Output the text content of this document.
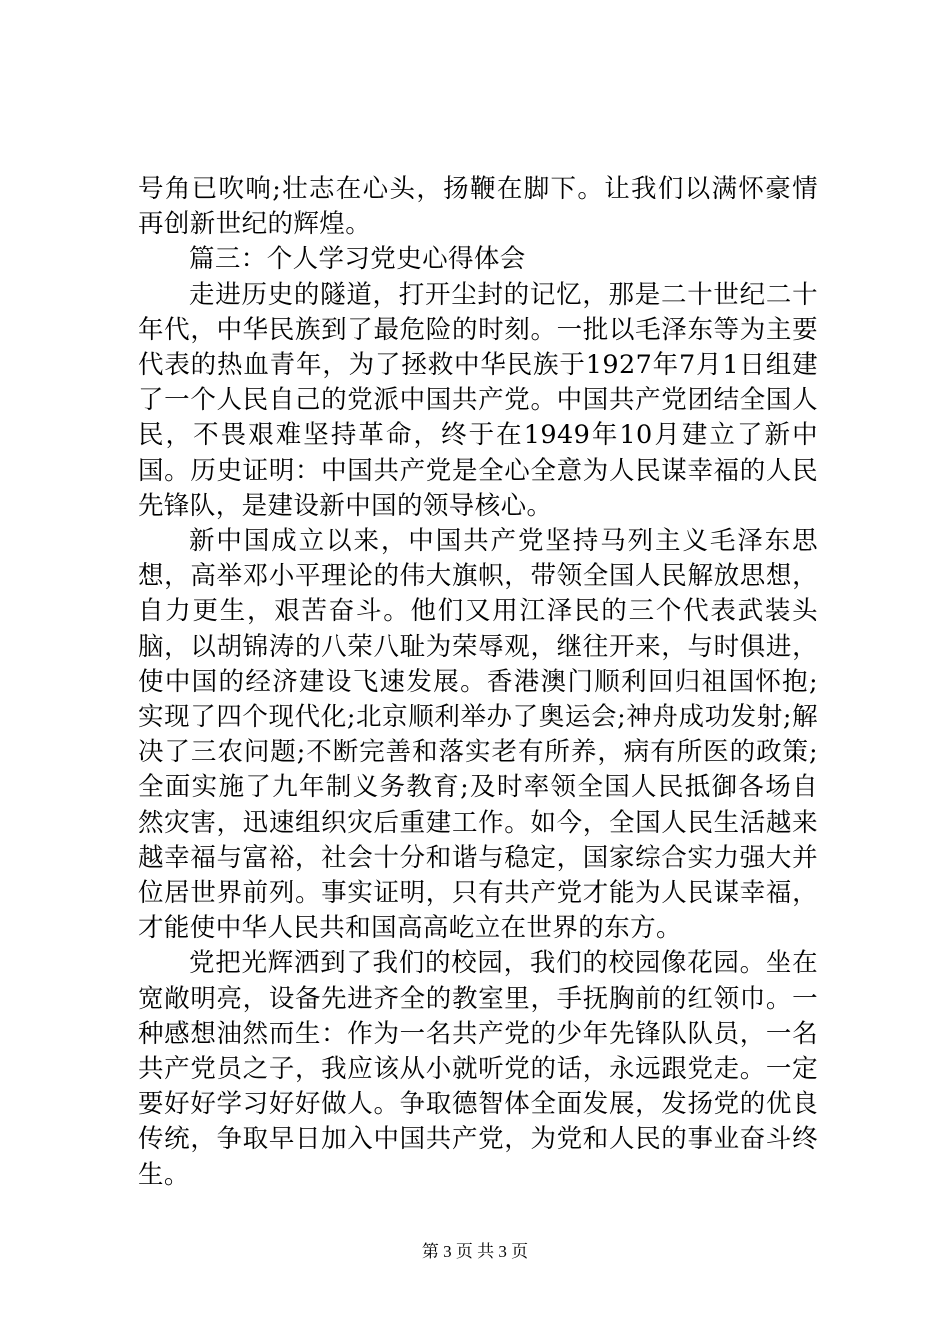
号角已吹响;壮志在心头，扬鞭在脚下。让我们以满怀豪情再创新世纪的辉煌。

篇三：个人学习党史心得体会

走进历史的隧道，打开尘封的记忆，那是二十世纪二十年代，中华民族到了最危险的时刻。一批以毛泽东等为主要代表的热血青年，为了拯救中华民族于1927年7月1日组建了一个人民自己的党派中国共产党。中国共产党团结全国人民，不畏艰难坚持革命，终于在1949年10月建立了新中国。历史证明：中国共产党是全心全意为人民谋幸福的人民先锋队，是建设新中国的领导核心。

新中国成立以来，中国共产党坚持马列主义毛泽东思想，高举邓小平理论的伟大旗帜，带领全国人民解放思想，自力更生，艰苦奋斗。他们又用江泽民的三个代表武装头脑，以胡锦涛的八荣八耻为荣辱观，继往开来，与时俱进，使中国的经济建设飞速发展。香港澳门顺利回归祖国怀抱;实现了四个现代化;北京顺利举办了奥运会;神舟成功发射;解决了三农问题;不断完善和落实老有所养，病有所医的政策;全面实施了九年制义务教育;及时率领全国人民抵御各场自然灾害，迅速组织灾后重建工作。如今，全国人民生活越来越幸福与富裕，社会十分和谐与稳定，国家综合实力强大并位居世界前列。事实证明，只有共产党才能为人民谋幸福，才能使中华人民共和国高高屹立在世界的东方。

党把光辉洒到了我们的校园，我们的校园像花园。坐在宽敞明亮，设备先进齐全的教室里，手抚胸前的红领巾。一种感想油然而生：作为一名共产党的少年先锋队队员，一名共产党员之子，我应该从小就听党的话，永远跟党走。一定要好好学习好好做人。争取德智体全面发展，发扬党的优良传统，争取早日加入中国共产党，为党和人民的事业奋斗终生。

第 3 页 共 3 页
